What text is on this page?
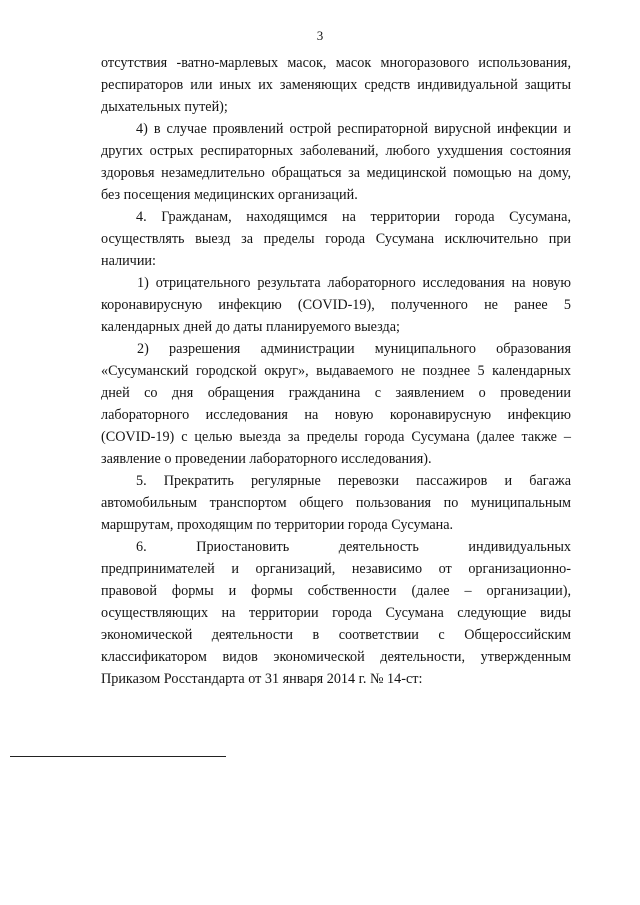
3
отсутствия ‑ватно-марлевых масок, масок многоразового использования,
респираторов или иных их заменяющих средств индивидуальной защиты
дыхательных путей);
4) в случае проявлений острой респираторной вирусной инфекции и
других острых респираторных заболеваний, любого ухудшения состояния
здоровья незамедлительно обращаться за медицинской помощью на дому,
без посещения медицинских организаций.
4. Гражданам, находящимся на территории города Сусумана,
осуществлять выезд за пределы города Сусумана исключительно при
наличии:
1) отрицательного результата лабораторного исследования на новую
коронавирусную инфекцию (COVID-19), полученного не ранее 5
календарных дней до даты планируемого выезда;
2) разрешения администрации муниципального образования
«Сусуманский городской округ», выдаваемого не позднее 5 календарных
дней со дня обращения гражданина с заявлением о проведении
лабораторного исследования на новую коронавирусную инфекцию
(COVID-19) с целью выезда за пределы города Сусумана (далее также –
заявление о проведении лабораторного исследования).
5. Прекратить регулярные перевозки пассажиров и багажа
автомобильным транспортом общего пользования по муниципальным
маршрутам, проходящим по территории города Сусумана.
6. Приостановить деятельность индивидуальных
предпринимателей и организаций, независимо от организационно-
правовой формы и формы собственности (далее – организации),
осуществляющих на территории города Сусумана следующие виды
экономической деятельности в соответствии с Общероссийским
классификатором видов экономической деятельности, утвержденным
Приказом Росстандарта от 31 января 2014 г. № 14-ст:
